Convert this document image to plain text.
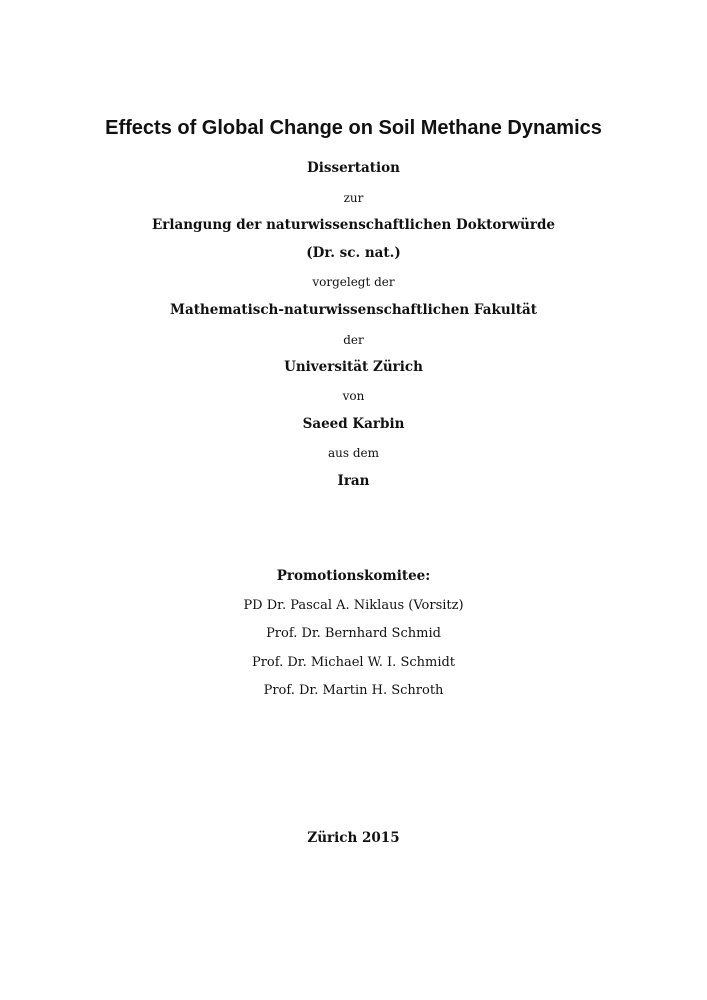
Effects of Global Change on Soil Methane Dynamics
Dissertation
zur
Erlangung der naturwissenschaftlichen Doktorwürde
(Dr. sc. nat.)
vorgelegt der
Mathematisch-naturwissenschaftlichen Fakultät
der
Universität Zürich
von
Saeed Karbin
aus dem
Iran
Promotionskomitee:
PD Dr. Pascal A. Niklaus (Vorsitz)
Prof. Dr. Bernhard Schmid
Prof. Dr. Michael W. I. Schmidt
Prof. Dr. Martin H. Schroth
Zürich 2015
